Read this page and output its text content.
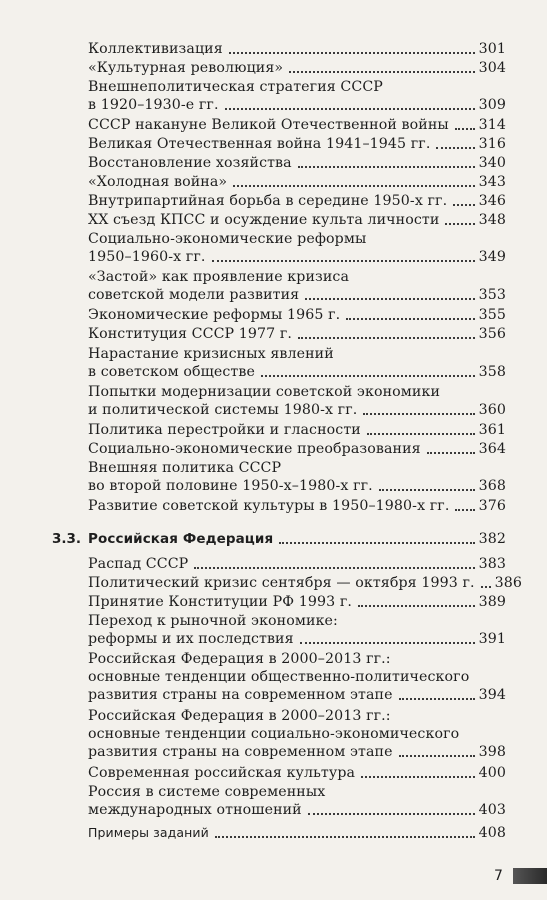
Коллективизация	301
«Культурная революция»	304
Внешнеполитическая стратегия СССР
в 1920–1930-е гг.	309
СССР накануне Великой Отечественной войны 314
Великая Отечественная война 1941–1945 гг.	316
Восстановление хозяйства	340
«Холодная война»	343
Внутрипартийная борьба в середине 1950-х гг. 346
XX съезд КПСС и осуждение культа личности	348
Социально-экономические реформы
1950–1960-х гг.	349
«Застой» как проявление кризиса
советской модели развития	353
Экономические реформы 1965 г.	355
Конституция СССР 1977 г.	356
Нарастание кризисных явлений
в советском обществе	358
Попытки модернизации советской экономики
и политической системы 1980-х гг.	360
Политика перестройки и гласности	361
Социально-экономические преобразования	364
Внешняя политика СССР
во второй половине 1950-х–1980-х гг.	368
Развитие советской культуры в 1950–1980-х гг. 376
3.3. Российская Федерация	382
Распад СССР	383
Политический кризис сентября — октября 1993 г. 386
Принятие Конституции РФ 1993 г.	389
Переход к рыночной экономике:
реформы и их последствия	391
Российская Федерация в 2000–2013 гг.:
основные тенденции общественно-политического
развития страны на современном этапе	394
Российская Федерация в 2000–2013 гг.:
основные тенденции социально-экономического
развития страны на современном этапе	398
Современная российская культура	400
Россия в системе современных
международных отношений	403
Примеры заданий	408
7
